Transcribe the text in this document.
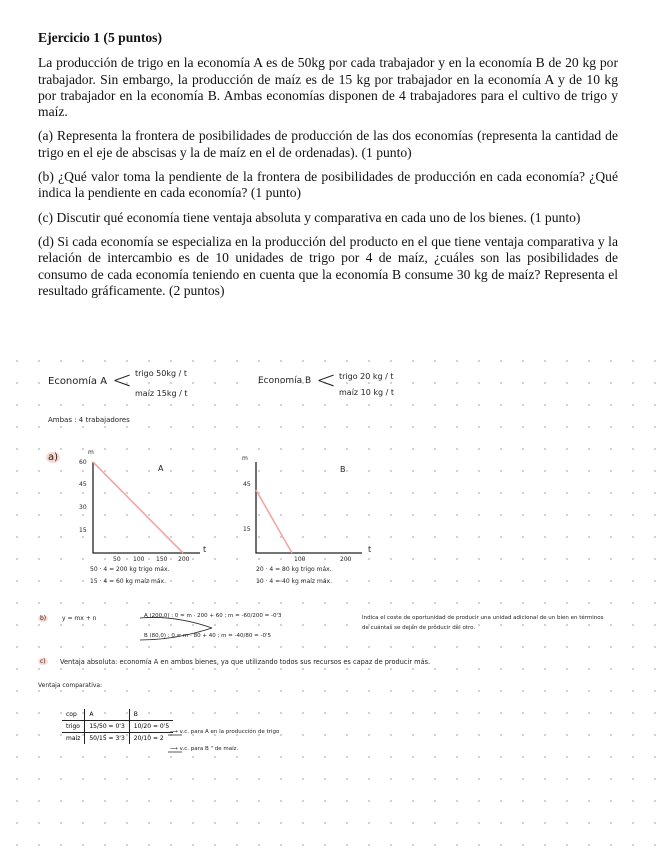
Ejercicio 1 (5 puntos)

La producción de trigo en la economía A es de 50kg por cada trabajador y en la economía B de 20 kg por trabajador. Sin embargo, la producción de maíz es de 15 kg por trabajador en la economía A y de 10 kg por trabajador en la economía B. Ambas economías disponen de 4 trabajadores para el cultivo de trigo y maíz.

(a) Representa la frontera de posibilidades de producción de las dos economías (representa la cantidad de trigo en el eje de abscisas y la de maíz en el de ordenadas). (1 punto)

(b) ¿Qué valor toma la pendiente de la frontera de posibilidades de producción en cada economía? ¿Qué indica la pendiente en cada economía? (1 punto)

(c) Discutir qué economía tiene ventaja absoluta y comparativa en cada uno de los bienes. (1 punto)

(d) Si cada economía se especializa en la producción del producto en el que tiene ventaja comparativa y la relación de intercambio es de 10 unidades de trigo por 4 de maíz, ¿cuáles son las posibilidades de consumo de cada economía teniendo en cuenta que la economía B consume 30 kg de maíz? Representa el resultado gráficamente. (2 puntos)

Economía A < trigo 50kg / t
maíz 15kg / t
Economía B < trigo 20 kg / t
maíz 10 kg / t
Ambas : 4 trabajadores
a)	m
60
45
30
15
A
50 100 150 200
t
50 · 4 = 200 kg trigo máx.
15 · 4 = 60 kg maíz máx.
m
45
15
B
100	200
t
20 · 4 = 80 kg trigo máx.
10 · 4 = 40 kg maíz máx.
b)	y = mx + n	A (200,0) : 0 = m · 200 + 60 ; m = -60/200 = -0'3
B (80,0) : 0 = m · 80 + 40 ; m = -40/80 = -0'5
Indica el coste de oportunidad de producir una unidad adicional de un bien en términos de cuántas se dejan de producir del otro.
c)	Ventaja absoluta: economía A en ambos bienes, ya que utilizando todos sus recursos es capaz de producir más.
Ventaja comparativa:
cop	A	B
trigo	15/50 = 0'3	10/20 = 0'5
maíz	50/15 = 3'3	20/10 = 2
⟶ v.c. para A en la producción de trigo
⟶ v.c. para B " de maíz.
